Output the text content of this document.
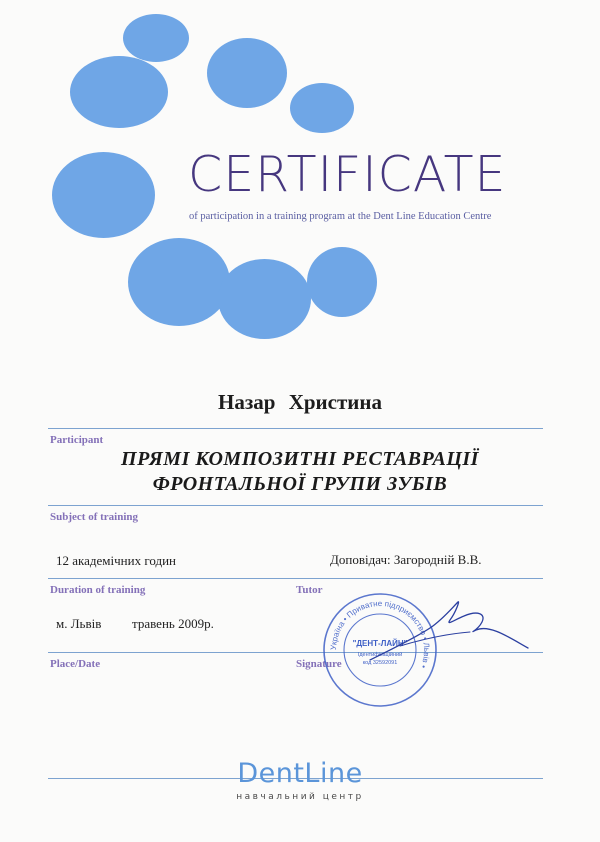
CERTIFICATE
of participation in a training program at the Dent Line Education Centre
Назар Христина
Participant
ПРЯМІ КОМПОЗИТНІ РЕСТАВРАЦІЇ
ФРОНТАЛЬНОЇ ГРУПИ ЗУБІВ
Subject of training
12 академічних годин	Доповідач: Загородній В.В.
Duration of training	Tutor
м. Львів травень 2009р.
Place/Date	Signature
Україна • Приватне підприємство • Львів •
"ДЕНТ-ЛАЙН"
Ідентифікаційний
код 32592091
DentLine
навчальний центр
